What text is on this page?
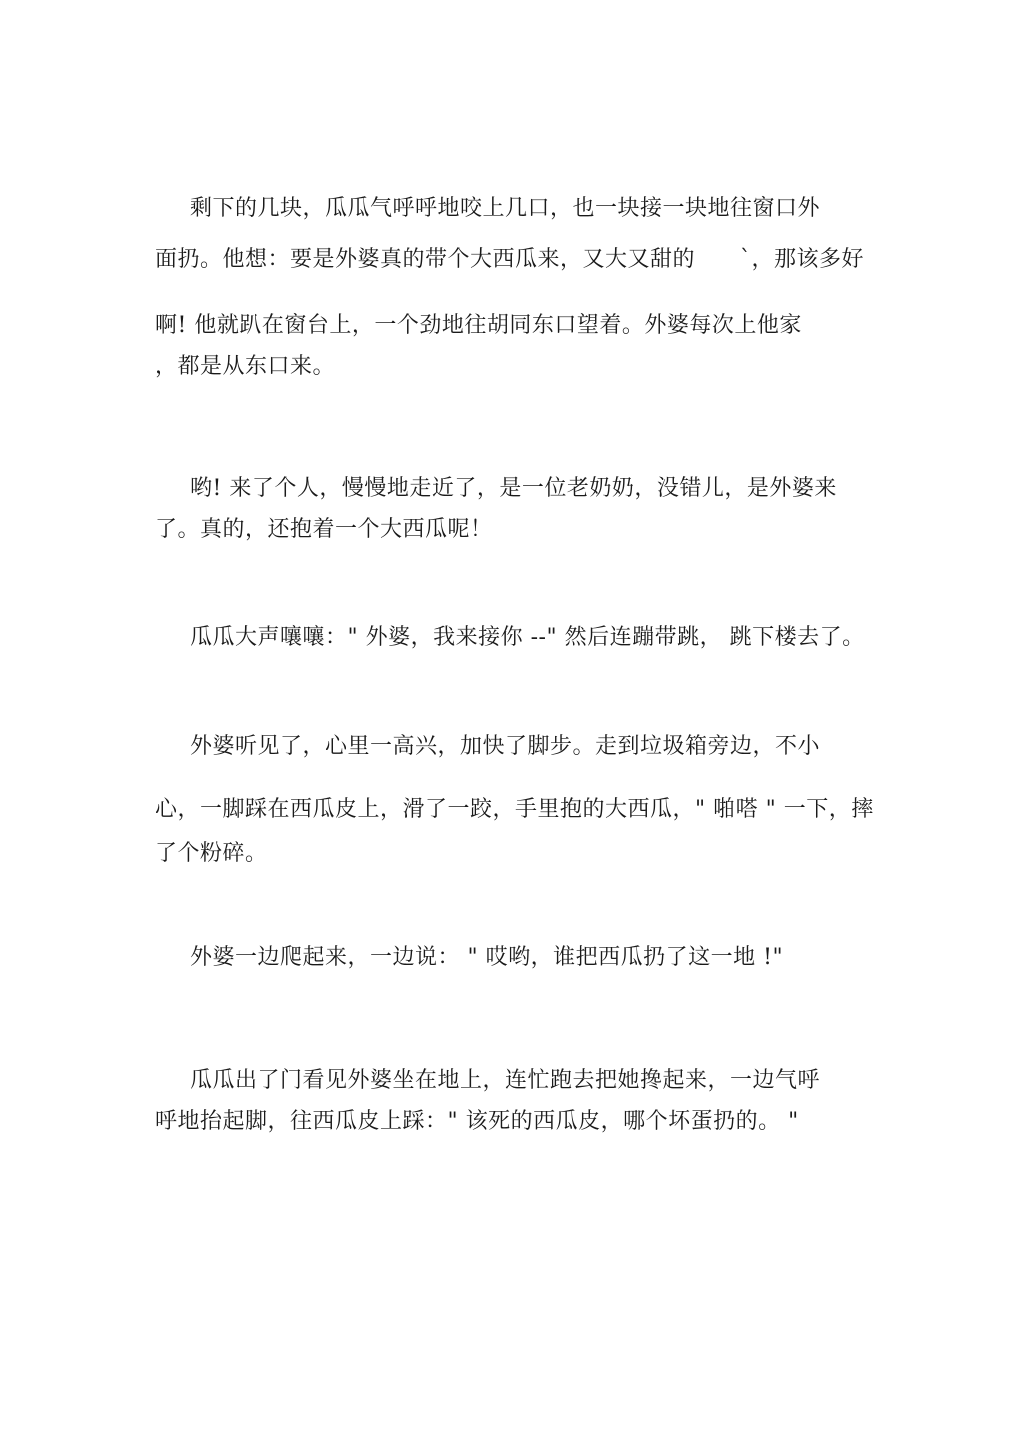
剩下的几块，瓜瓜气呼呼地咬上几口，也一块接一块地往窗口外
面扔。他想：要是外婆真的带个大西瓜来，又大又甜的　　`，那该多好
啊! 他就趴在窗台上，一个劲地往胡同东口望着。外婆每次上他家
，都是从东口来。
哟! 来了个人，慢慢地走近了，是一位老奶奶，没错儿，是外婆来
了。真的，还抱着一个大西瓜呢！
瓜瓜大声嚷嚷：" 外婆，我来接你 --" 然后连蹦带跳， 跳下楼去了。
外婆听见了，心里一高兴，加快了脚步。走到垃圾箱旁边，不小
心，一脚踩在西瓜皮上，滑了一跤，手里抱的大西瓜，" 啪嗒 " 一下，摔
了个粉碎。
外婆一边爬起来，一边说： " 哎哟，谁把西瓜扔了这一地 !"
瓜瓜出了门看见外婆坐在地上，连忙跑去把她搀起来，一边气呼
呼地抬起脚，往西瓜皮上踩：" 该死的西瓜皮，哪个坏蛋扔的。 "
